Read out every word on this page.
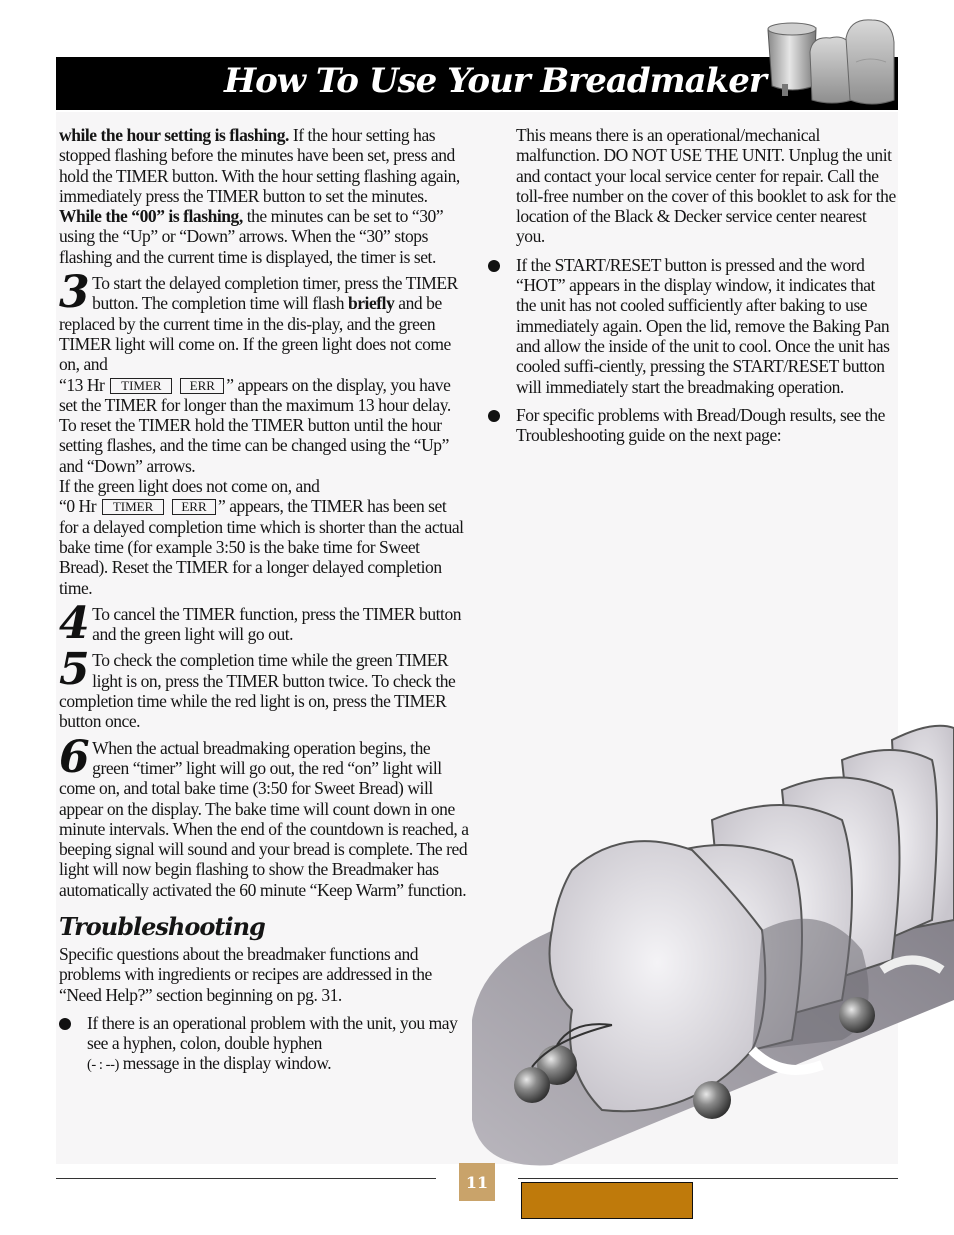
How To Use Your Breadmaker

while the hour setting is flashing. If the hour setting has stopped flashing before the minutes have been set, press and hold the TIMER button. With the hour setting flashing again, immediately press the TIMER button to set the minutes. While the “00” is flashing, the minutes can be set to “30” using the “Up” or “Down” arrows. When the “30” stops flashing and the current time is displayed, the timer is set.

3 To start the delayed completion timer, press the TIMER button. The completion time will flash briefly and be replaced by the current time in the dis-play, and the green TIMER light will come on. If the green light does not come on, and
“13 Hr TIMER ERR ” appears on the display, you have set the TIMER for longer than the maximum 13 hour delay. To reset the TIMER hold the TIMER button until the hour setting flashes, and the time can be changed using the “Up” and “Down” arrows.
If the green light does not come on, and
“0 Hr TIMER ERR ” appears, the TIMER has been set for a delayed completion time which is shorter than the actual bake time (for example 3:50 is the bake time for Sweet Bread). Reset the TIMER for a longer delayed completion time.

4 To cancel the TIMER function, press the TIMER button and the green light will go out.

5 To check the completion time while the green TIMER light is on, press the TIMER button twice. To check the completion time while the red light is on, press the TIMER button once.

6 When the actual breadmaking operation begins, the green “timer” light will go out, the red “on” light will come on, and total bake time (3:50 for Sweet Bread) will appear on the display. The bake time will count down in one minute intervals. When the end of the countdown is reached, a beeping signal will sound and your bread is complete. The red light will now begin flashing to show the Breadmaker has automatically activated the 60 minute “Keep Warm” function.

Troubleshooting

Specific questions about the breadmaker functions and problems with ingredients or recipes are addressed in the “Need Help?” section beginning on pg. 31.

If there is an operational problem with the unit, you may see a hyphen, colon, double hyphen
(- : --) message in the display window.

This means there is an operational/mechanical malfunction. DO NOT USE THE UNIT. Unplug the unit and contact your local service center for repair. Call the toll-free number on the cover of this booklet to ask for the location of the Black & Decker service center nearest you.

If the START/RESET button is pressed and the word “HOT” appears in the display window, it indicates that the unit has not cooled sufficiently after baking to use immediately again. Open the lid, remove the Baking Pan and allow the inside of the unit to cool. Once the unit has cooled suffi-ciently, pressing the START/RESET button will immediately start the breadmaking operation.

For specific problems with Bread/Dough results, see the Troubleshooting guide on the next page:

11
